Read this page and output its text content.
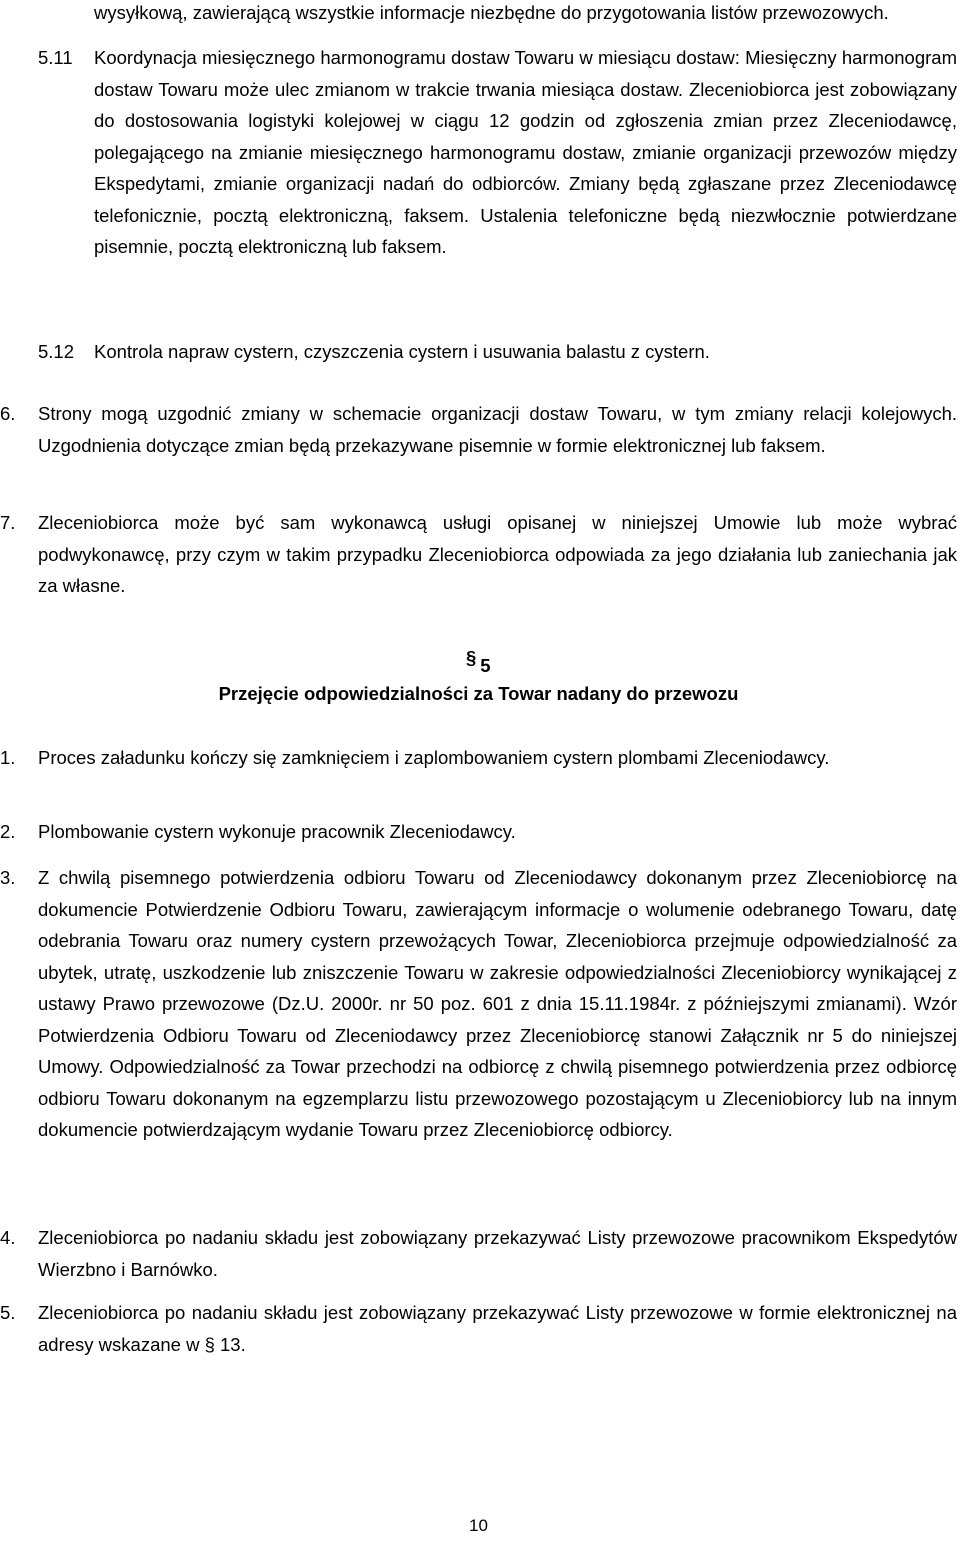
wysyłkową, zawierającą wszystkie informacje niezbędne do przygotowania listów przewozowych.

5.11	Koordynacja miesięcznego harmonogramu dostaw Towaru w miesiącu dostaw: Miesięczny harmonogram dostaw Towaru może ulec zmianom w trakcie trwania miesiąca dostaw. Zleceniobiorca jest zobowiązany do dostosowania logistyki kolejowej w ciągu 12 godzin od zgłoszenia zmian przez Zleceniodawcę, polegającego na zmianie miesięcznego harmonogramu dostaw, zmianie organizacji przewozów między Ekspedytami, zmianie organizacji nadań do odbiorców. Zmiany będą zgłaszane przez Zleceniodawcę telefonicznie, pocztą elektroniczną, faksem. Ustalenia telefoniczne będą niezwłocznie potwierdzane pisemnie, pocztą elektroniczną lub faksem.
5.12	Kontrola napraw cystern, czyszczenia cystern i usuwania balastu z cystern.
6.	Strony mogą uzgodnić zmiany w schemacie organizacji dostaw Towaru, w tym zmiany relacji kolejowych. Uzgodnienia dotyczące zmian będą przekazywane pisemnie w formie elektronicznej lub faksem.
7.	Zleceniobiorca może być sam wykonawcą usługi opisanej w niniejszej Umowie lub może wybrać podwykonawcę, przy czym w takim przypadku Zleceniobiorca odpowiada za jego działania lub zaniechania jak za własne.
§ 5
Przejęcie odpowiedzialności za Towar nadany do przewozu
1.	Proces załadunku kończy się zamknięciem i zaplombowaniem cystern plombami Zleceniodawcy.
2.	Plombowanie cystern wykonuje pracownik Zleceniodawcy.
3.	Z chwilą pisemnego potwierdzenia odbioru Towaru od Zleceniodawcy dokonanym przez Zleceniobiorcę na dokumencie Potwierdzenie Odbioru Towaru, zawierającym informacje o wolumenie odebranego Towaru, datę odebrania Towaru oraz numery cystern przewożących Towar, Zleceniobiorca przejmuje odpowiedzialność za ubytek, utratę, uszkodzenie lub zniszczenie Towaru w zakresie odpowiedzialności Zleceniobiorcy wynikającej z ustawy Prawo przewozowe (Dz.U. 2000r. nr 50 poz. 601 z dnia 15.11.1984r. z późniejszymi zmianami). Wzór Potwierdzenia Odbioru Towaru od Zleceniodawcy przez Zleceniobiorcę stanowi Załącznik nr 5 do niniejszej Umowy. Odpowiedzialność za Towar przechodzi na odbiorcę z chwilą pisemnego potwierdzenia przez odbiorcę odbioru Towaru dokonanym na egzemplarzu listu przewozowego pozostającym u Zleceniobiorcy lub na innym dokumencie potwierdzającym wydanie Towaru przez Zleceniobiorcę odbiorcy.
4.	Zleceniobiorca po nadaniu składu jest zobowiązany przekazywać Listy przewozowe pracownikom Ekspedytów Wierzbno i Barnówko.
5.	Zleceniobiorca po nadaniu składu jest zobowiązany przekazywać Listy przewozowe w formie elektronicznej na adresy wskazane w § 13.
10
